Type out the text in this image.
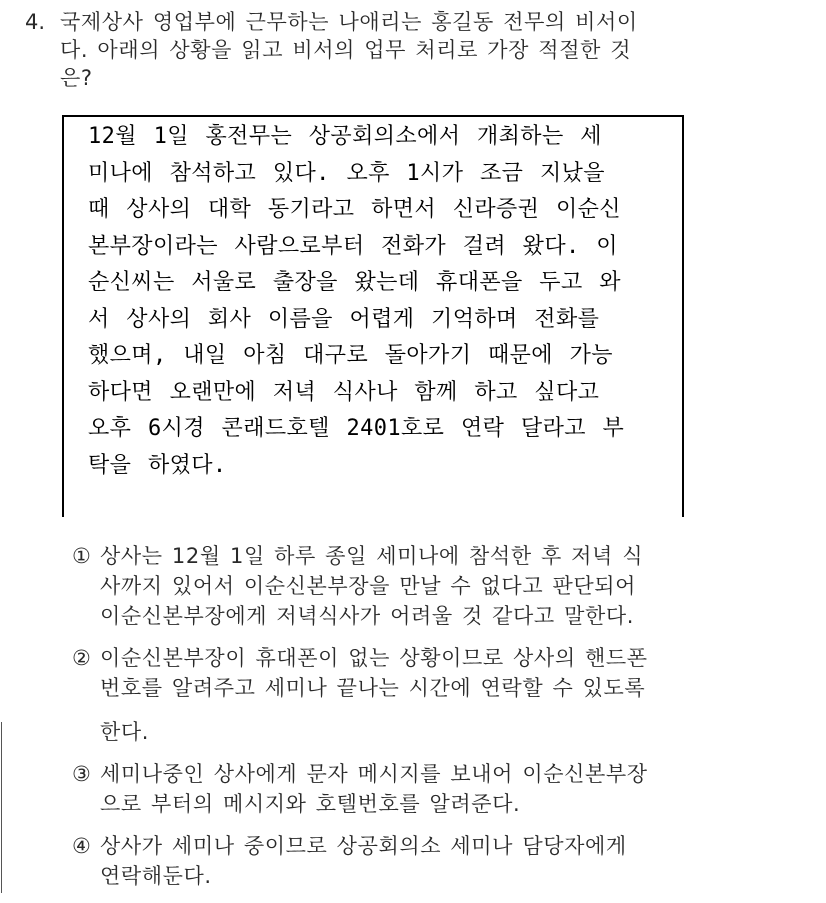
4. 국제상사 영업부에 근무하는 나애리는 홍길동 전무의 비서이
다. 아래의 상황을 읽고 비서의 업무 처리로 가장 적절한 것
은?
12월 1일 홍전무는 상공회의소에서 개최하는 세
미나에 참석하고 있다. 오후 1시가 조금 지났을
때 상사의 대학 동기라고 하면서 신라증권 이순신
본부장이라는 사람으로부터 전화가 걸려 왔다. 이
순신씨는 서울로 출장을 왔는데 휴대폰을 두고 와
서 상사의 회사 이름을 어렵게 기억하며 전화를
했으며, 내일 아침 대구로 돌아가기 때문에 가능
하다면 오랜만에 저녁 식사나 함께 하고 싶다고
오후 6시경 콘래드호텔 2401호로 연락 달라고 부
탁을 하였다.
① 상사는 12월 1일 하루 종일 세미나에 참석한 후 저녁 식
사까지 있어서 이순신본부장을 만날 수 없다고 판단되어
이순신본부장에게 저녁식사가 어려울 것 같다고 말한다.
② 이순신본부장이 휴대폰이 없는 상황이므로 상사의 핸드폰
번호를 알려주고 세미나 끝나는 시간에 연락할 수 있도록
한다.
③ 세미나중인 상사에게 문자 메시지를 보내어 이순신본부장
으로 부터의 메시지와 호텔번호를 알려준다.
④ 상사가 세미나 중이므로 상공회의소 세미나 담당자에게
연락해둔다.
